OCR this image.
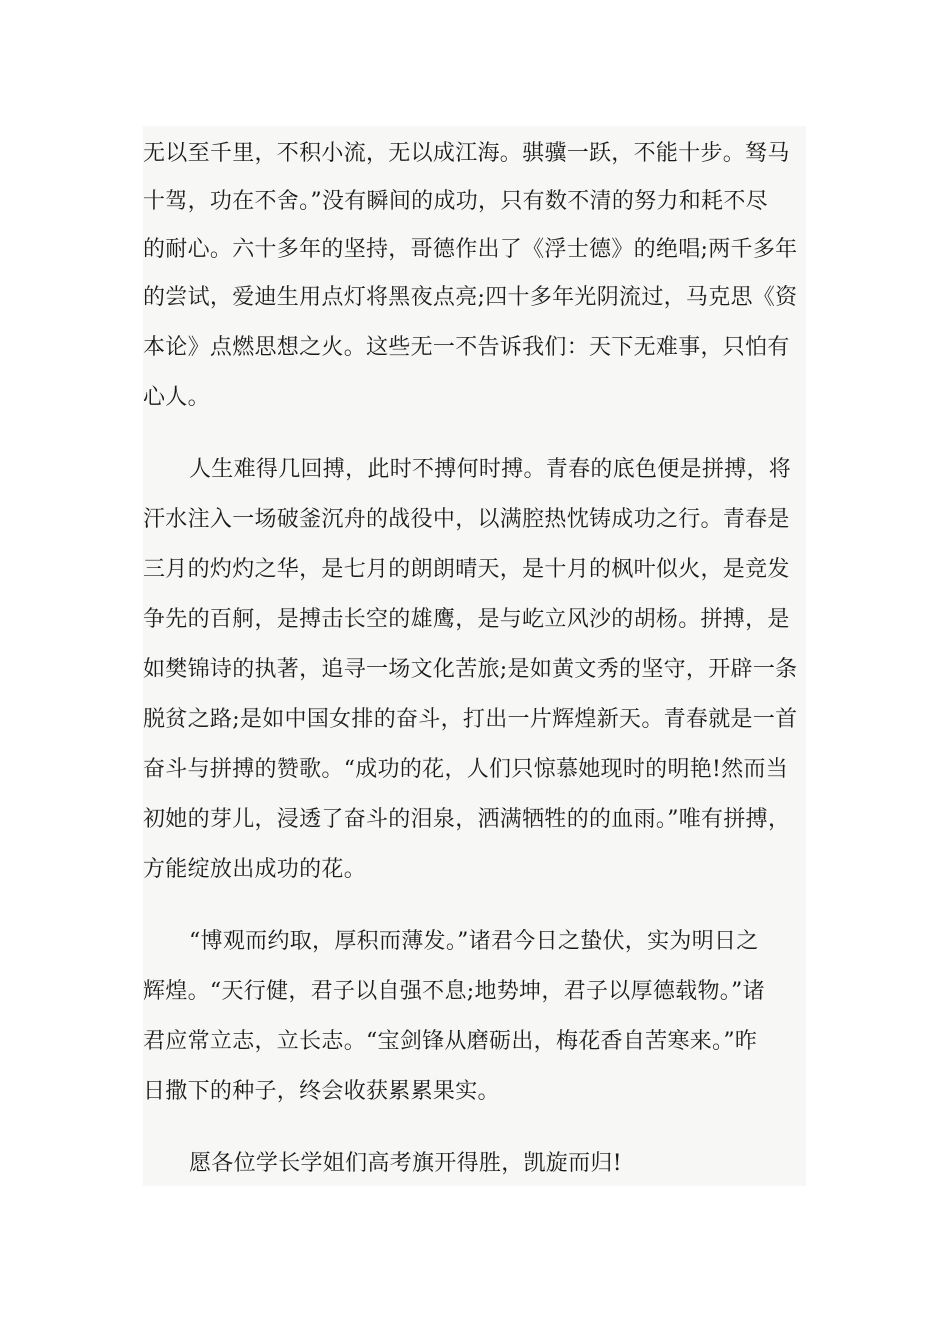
无以至千里，不积小流，无以成江海。骐骥一跃，不能十步。驽马
十驾，功在不舍。”没有瞬间的成功，只有数不清的努力和耗不尽
的耐心。六十多年的坚持，哥德作出了《浮士德》的绝唱;两千多年
的尝试，爱迪生用点灯将黑夜点亮;四十多年光阴流过，马克思《资
本论》点燃思想之火。这些无一不告诉我们：天下无难事，只怕有
心人。
人生难得几回搏，此时不搏何时搏。青春的底色便是拼搏，将
汗水注入一场破釜沉舟的战役中，以满腔热忱铸成功之行。青春是
三月的灼灼之华，是七月的朗朗晴天，是十月的枫叶似火，是竞发
争先的百舸，是搏击长空的雄鹰，是与屹立风沙的胡杨。拼搏，是
如樊锦诗的执著，追寻一场文化苦旅;是如黄文秀的坚守，开辟一条
脱贫之路;是如中国女排的奋斗，打出一片辉煌新天。青春就是一首
奋斗与拼搏的赞歌。“成功的花，人们只惊慕她现时的明艳!然而当
初她的芽儿，浸透了奋斗的泪泉，洒满牺牲的的血雨。”唯有拼搏，
方能绽放出成功的花。
“博观而约取，厚积而薄发。”诸君今日之蛰伏，实为明日之
辉煌。“天行健，君子以自强不息;地势坤，君子以厚德载物。”诸
君应常立志，立长志。“宝剑锋从磨砺出，梅花香自苦寒来。”昨
日撒下的种子，终会收获累累果实。
愿各位学长学姐们高考旗开得胜，凯旋而归!
